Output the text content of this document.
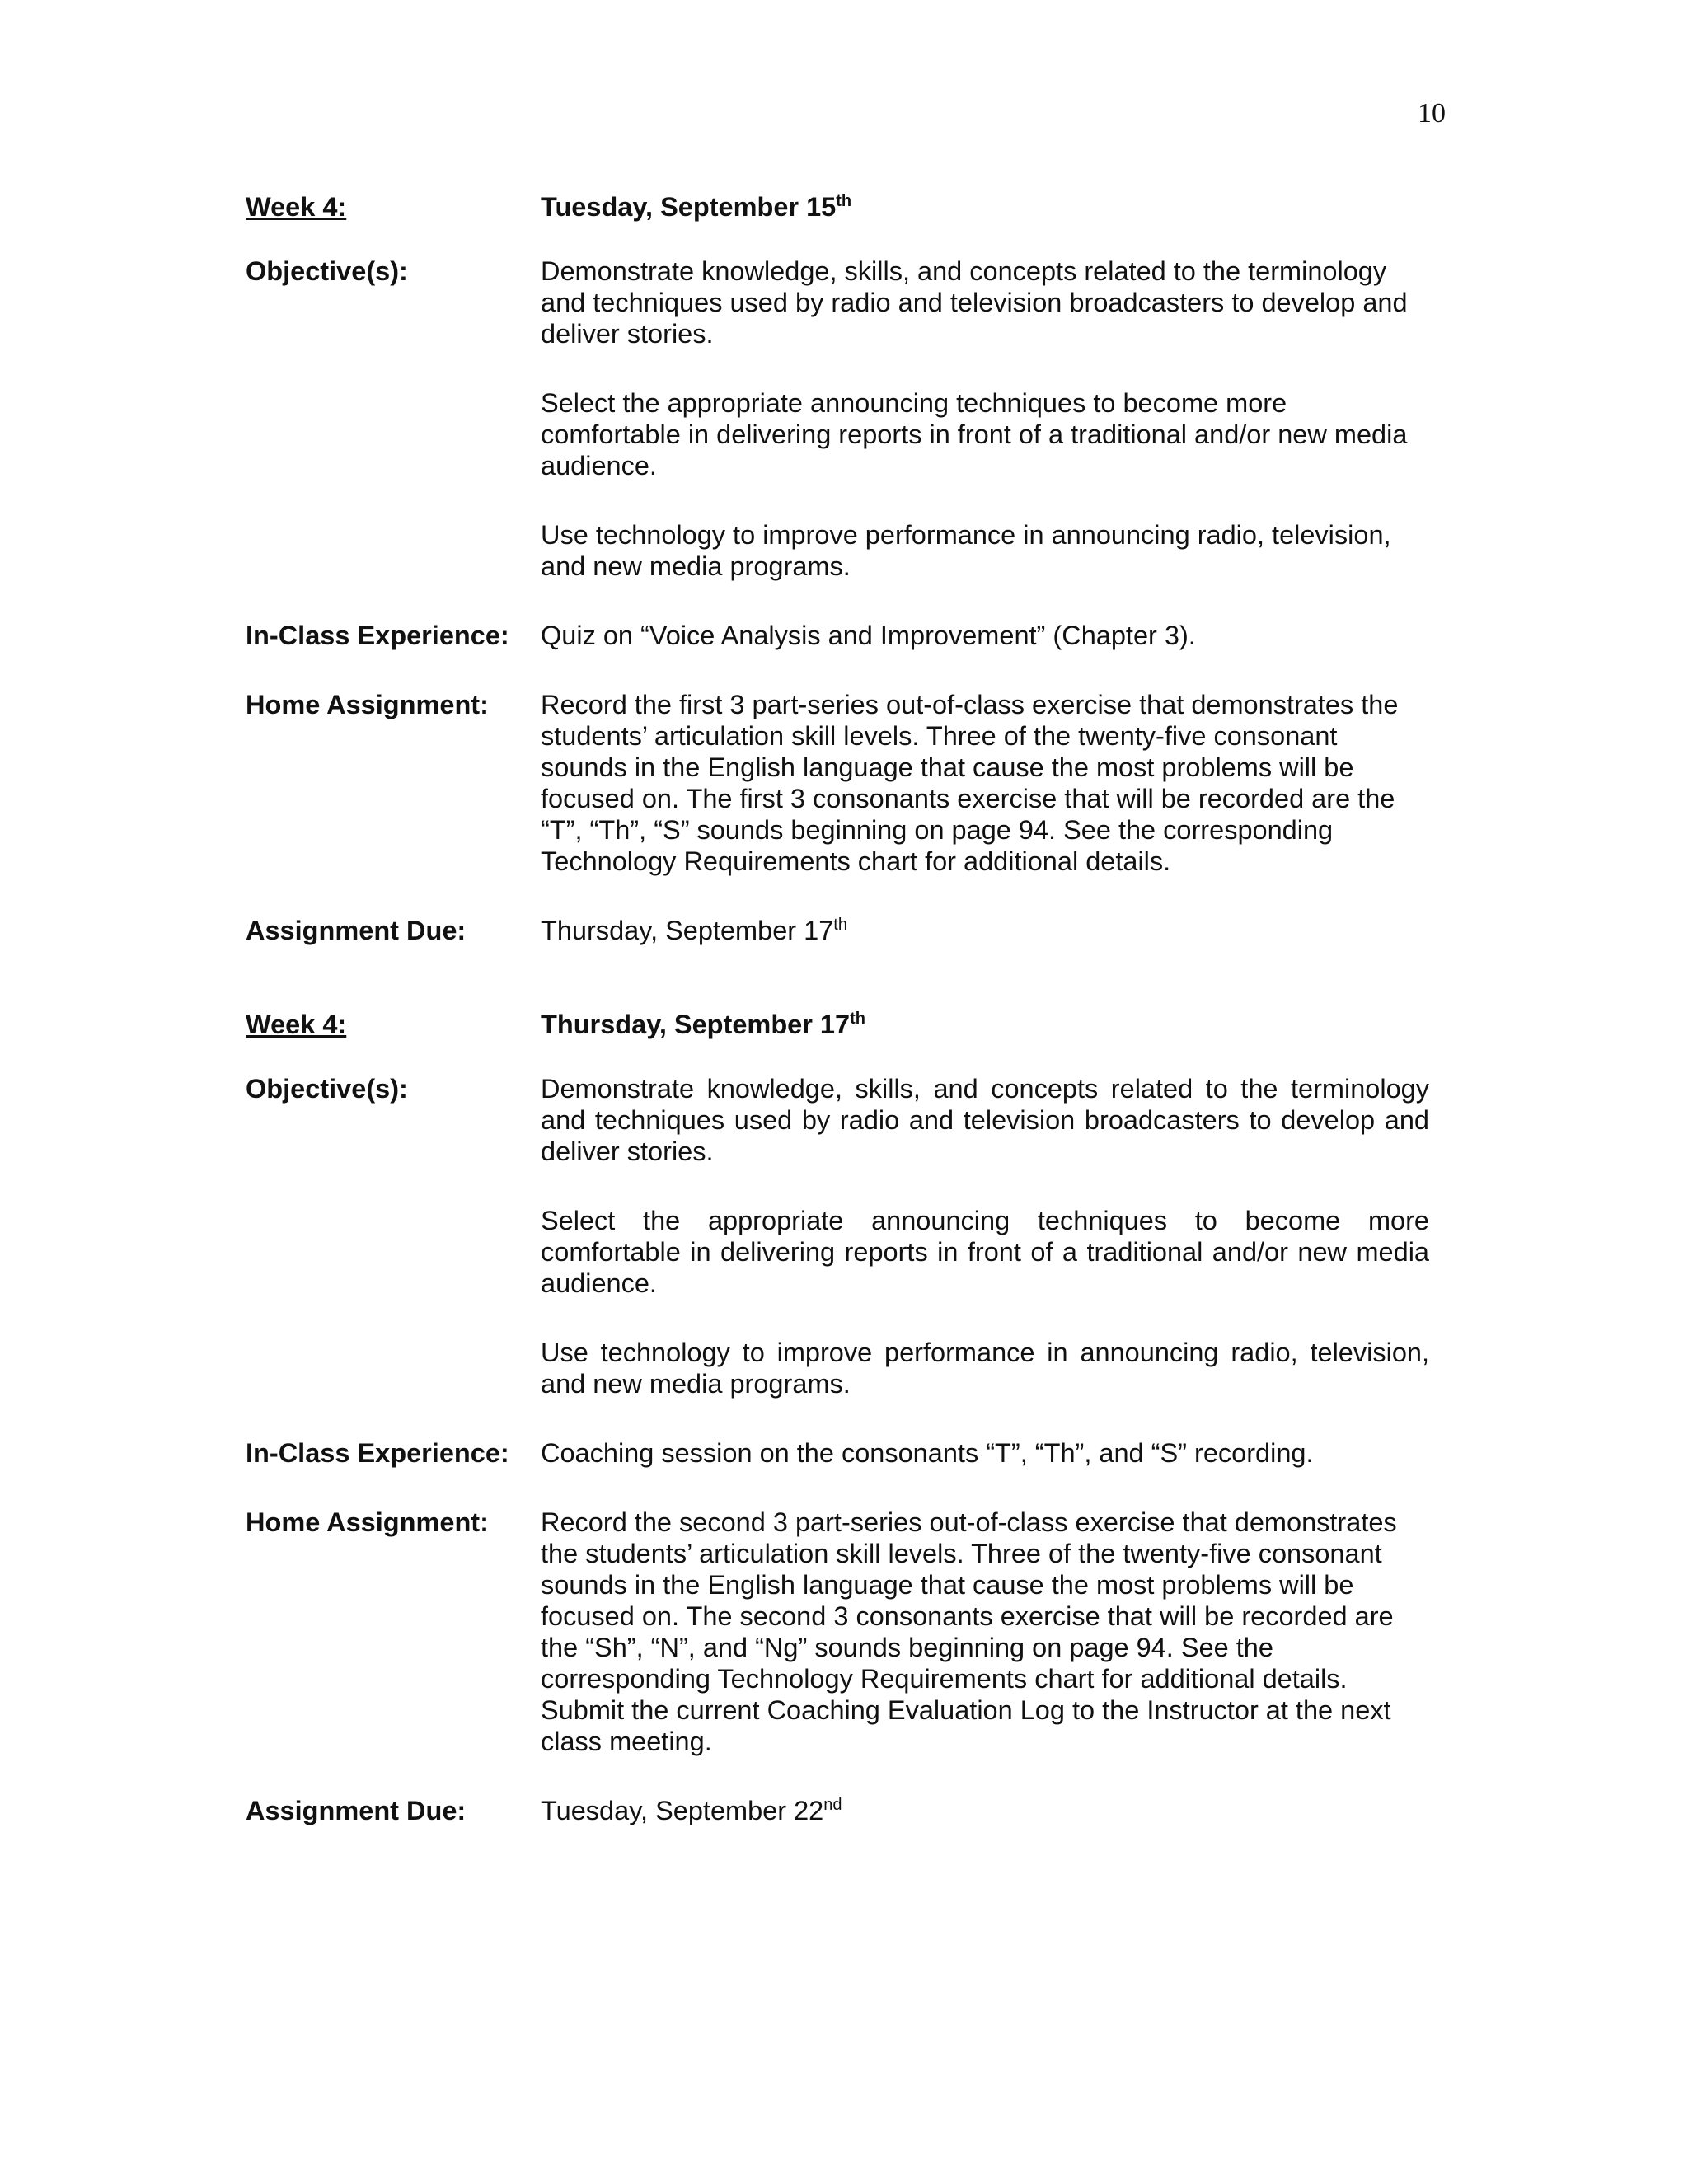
10
Week 4:	Tuesday, September 15th
Objective(s):	Demonstrate knowledge, skills, and concepts related to the terminology and techniques used by radio and television broadcasters to develop and deliver stories.

Select the appropriate announcing techniques to become more comfortable in delivering reports in front of a traditional and/or new media audience.

Use technology to improve performance in announcing radio, television, and new media programs.

In-Class Experience:	Quiz on “Voice Analysis and Improvement” (Chapter 3).
Home Assignment:	Record the first 3 part-series out-of-class exercise that demonstrates the students’ articulation skill levels. Three of the twenty-five consonant sounds in the English language that cause the most problems will be focused on. The first 3 consonants exercise that will be recorded are the “T”, “Th”, “S” sounds beginning on page 94. See the corresponding Technology Requirements chart for additional details.
Assignment Due:	Thursday, September 17th
Week 4:	Thursday, September 17th
Objective(s):	Demonstrate knowledge, skills, and concepts related to the terminology and techniques used by radio and television broadcasters to develop and deliver stories.

Select the appropriate announcing techniques to become more comfortable in delivering reports in front of a traditional and/or new media audience.

Use technology to improve performance in announcing radio, television, and new media programs.

In-Class Experience:	Coaching session on the consonants “T”, “Th”, and “S” recording.
Home Assignment:	Record the second 3 part-series out-of-class exercise that demonstrates the students’ articulation skill levels. Three of the twenty-five consonant sounds in the English language that cause the most problems will be focused on. The second 3 consonants exercise that will be recorded are the “Sh”, “N”, and “Ng” sounds beginning on page 94. See the corresponding Technology Requirements chart for additional details. Submit the current Coaching Evaluation Log to the Instructor at the next class meeting.
Assignment Due:	Tuesday, September 22nd
